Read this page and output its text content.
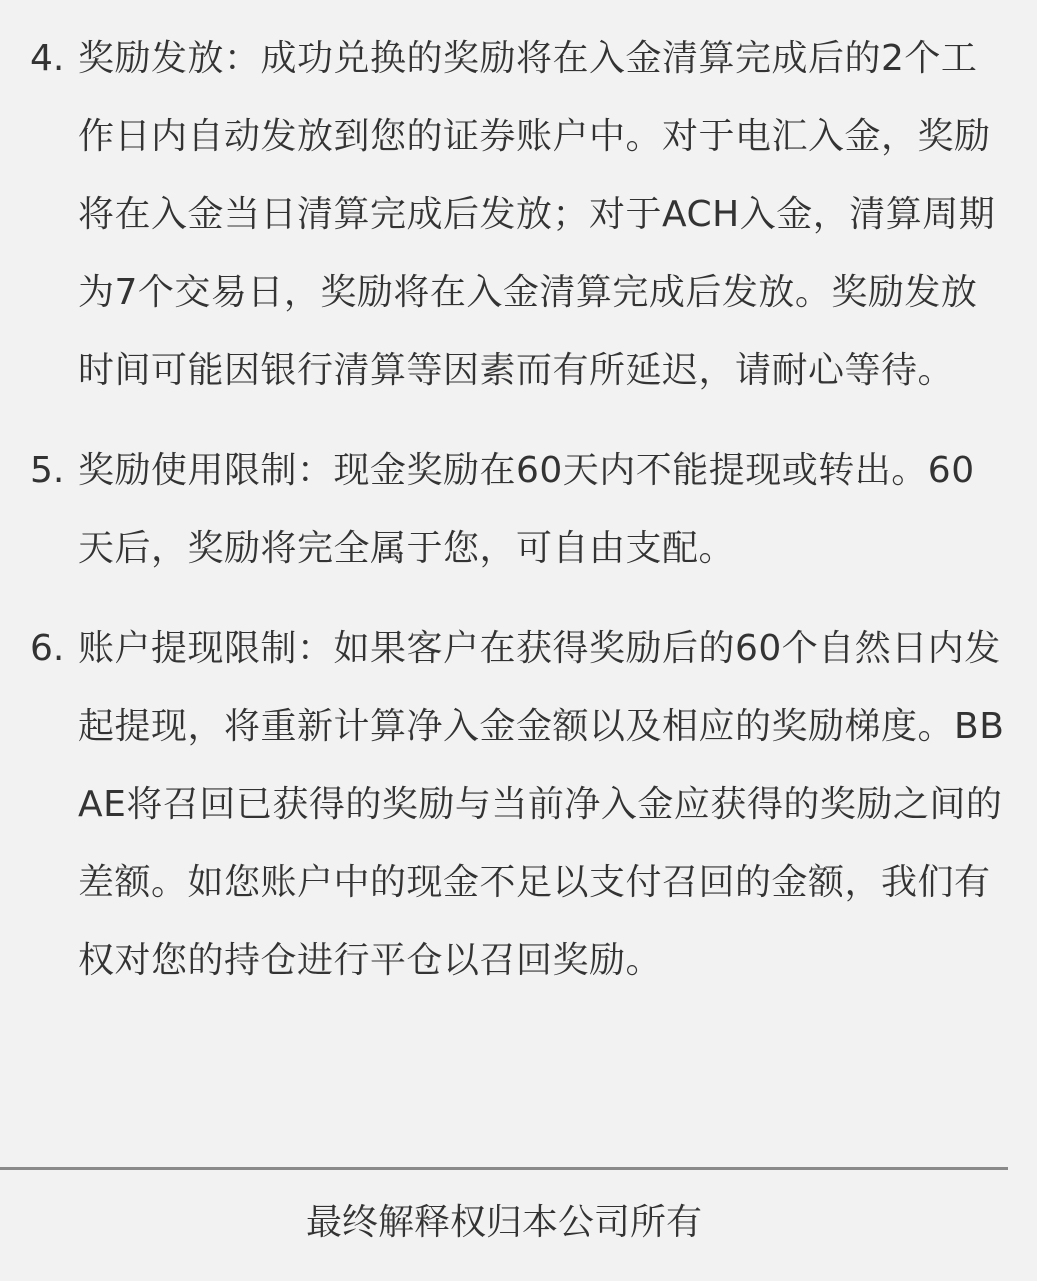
4. 奖励发放：成功兑换的奖励将在入金清算完成后的2个工作日内自动发放到您的证券账户中。对于电汇入金，奖励将在入金当日清算完成后发放；对于ACH入金，清算周期为7个交易日，奖励将在入金清算完成后发放。奖励发放时间可能因银行清算等因素而有所延迟，请耐心等待。
5. 奖励使用限制：现金奖励在60天内不能提现或转出。60天后，奖励将完全属于您，可自由支配。
6. 账户提现限制：如果客户在获得奖励后的60个自然日内发起提现，将重新计算净入金金额以及相应的奖励梯度。BBAE将召回已获得的奖励与当前净入金应获得的奖励之间的差额。如您账户中的现金不足以支付召回的金额，我们有权对您的持仓进行平仓以召回奖励。
最终解释权归本公司所有
